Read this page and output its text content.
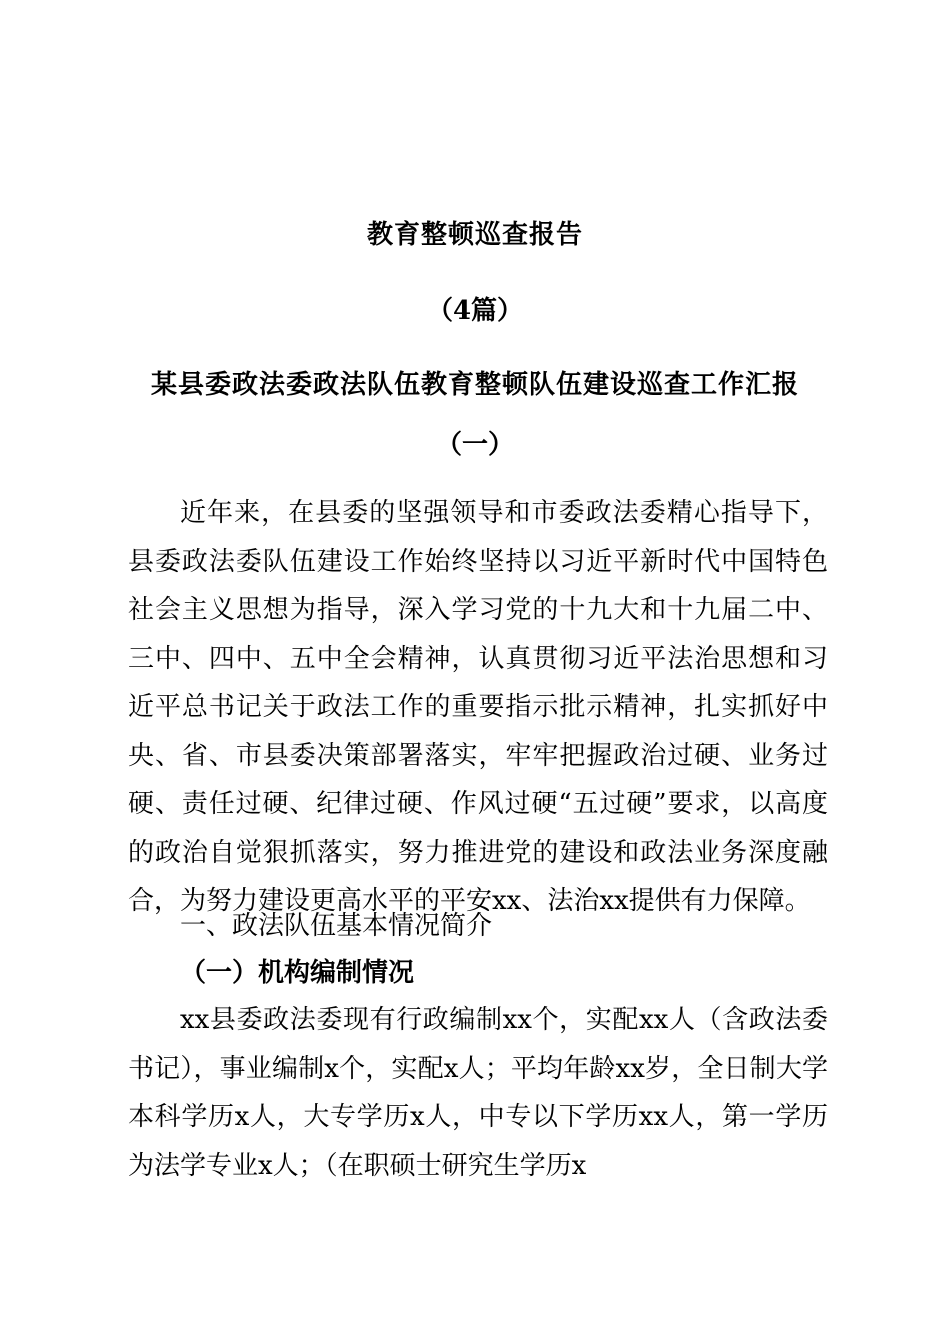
教育整顿巡查报告
（4篇）
某县委政法委政法队伍教育整顿队伍建设巡查工作汇报
（一）
近年来，在县委的坚强领导和市委政法委精心指导下，县委政法委队伍建设工作始终坚持以习近平新时代中国特色社会主义思想为指导，深入学习党的十九大和十九届二中、三中、四中、五中全会精神，认真贯彻习近平法治思想和习近平总书记关于政法工作的重要指示批示精神，扎实抓好中央、省、市县委决策部署落实，牢牢把握政治过硬、业务过硬、责任过硬、纪律过硬、作风过硬“五过硬”要求，以高度的政治自觉狠抓落实，努力推进党的建设和政法业务深度融合，为努力建设更高水平的平安xx、法治xx提供有力保障。
一、政法队伍基本情况简介
（一）机构编制情况
xx县委政法委现有行政编制xx个，实配xx人（含政法委书记），事业编制x个，实配x人；平均年龄xx岁，全日制大学本科学历x人，大专学历x人，中专以下学历xx人，第一学历为法学专业x人；（在职硕士研究生学历x
